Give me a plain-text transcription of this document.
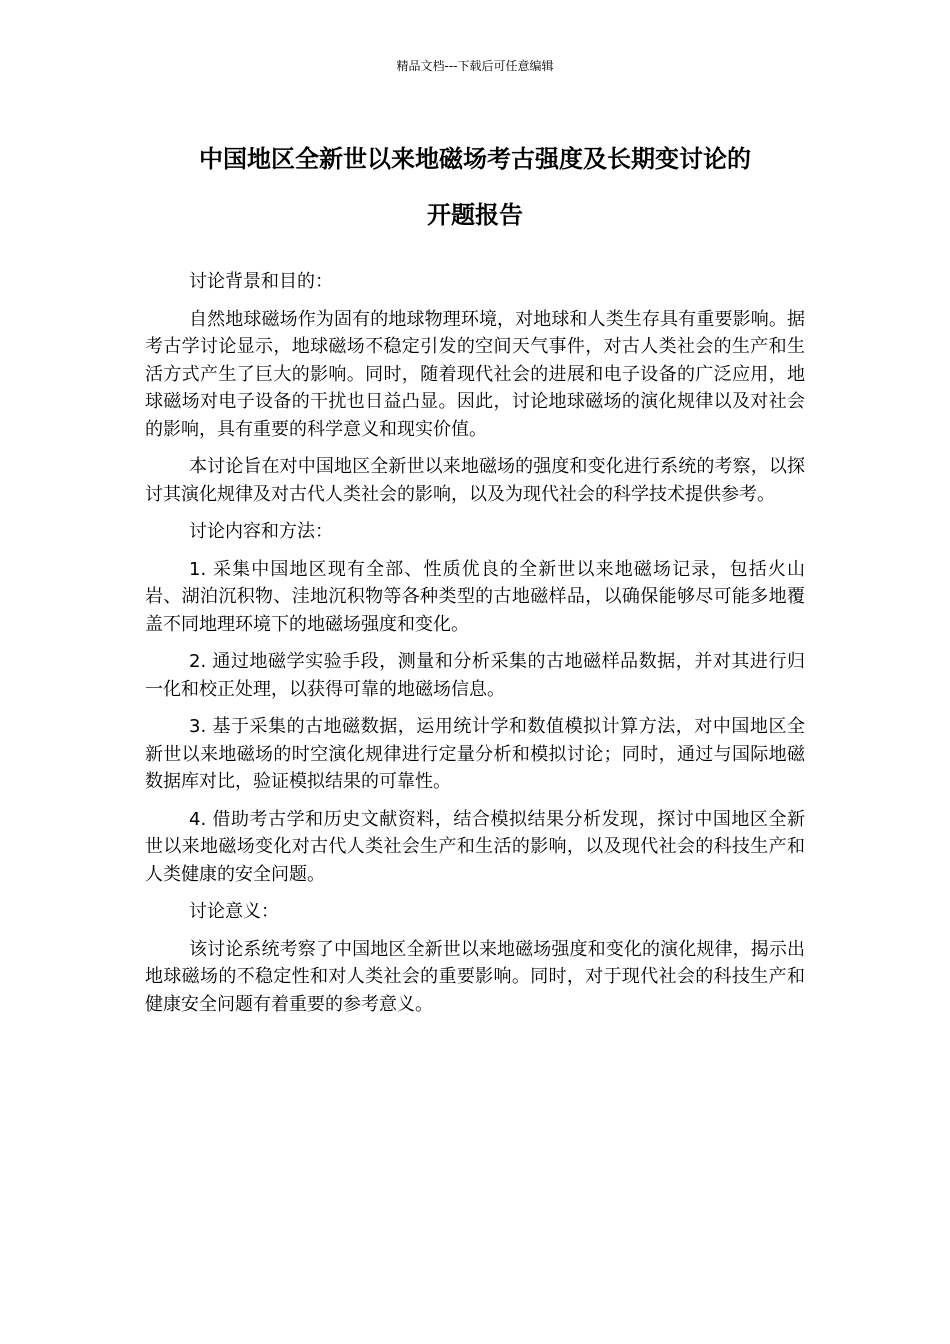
精品文档---下载后可任意编辑
中国地区全新世以来地磁场考古强度及长期变讨论的
开题报告

讨论背景和目的：

自然地球磁场作为固有的地球物理环境，对地球和人类生存具有重要影响。据考古学讨论显示，地球磁场不稳定引发的空间天气事件，对古人类社会的生产和生活方式产生了巨大的影响。同时，随着现代社会的进展和电子设备的广泛应用，地球磁场对电子设备的干扰也日益凸显。因此，讨论地球磁场的演化规律以及对社会的影响，具有重要的科学意义和现实价值。

本讨论旨在对中国地区全新世以来地磁场的强度和变化进行系统的考察，以探讨其演化规律及对古代人类社会的影响，以及为现代社会的科学技术提供参考。

讨论内容和方法：

1. 采集中国地区现有全部、性质优良的全新世以来地磁场记录，包括火山岩、湖泊沉积物、洼地沉积物等各种类型的古地磁样品，以确保能够尽可能多地覆盖不同地理环境下的地磁场强度和变化。

2. 通过地磁学实验手段，测量和分析采集的古地磁样品数据，并对其进行归一化和校正处理，以获得可靠的地磁场信息。

3. 基于采集的古地磁数据，运用统计学和数值模拟计算方法，对中国地区全新世以来地磁场的时空演化规律进行定量分析和模拟讨论；同时，通过与国际地磁数据库对比，验证模拟结果的可靠性。

4. 借助考古学和历史文献资料，结合模拟结果分析发现，探讨中国地区全新世以来地磁场变化对古代人类社会生产和生活的影响，以及现代社会的科技生产和人类健康的安全问题。

讨论意义：

该讨论系统考察了中国地区全新世以来地磁场强度和变化的演化规律，揭示出地球磁场的不稳定性和对人类社会的重要影响。同时，对于现代社会的科技生产和健康安全问题有着重要的参考意义。
